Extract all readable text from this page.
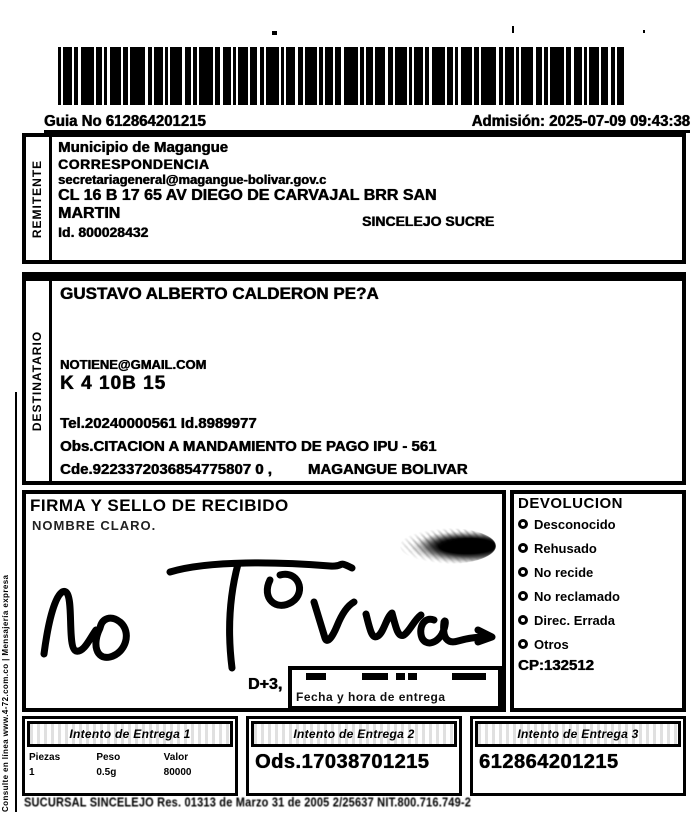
Guia No 612864201215	Admisión: 2025-07-09 09:43:38
REMITENTE
Municipio de Magangue
CORRESPONDENCIA
secretariageneral@magangue-bolivar.gov.c
CL 16 B 17 65 AV DIEGO DE CARVAJAL BRR SAN MARTIN	SINCELEJO SUCRE
Id. 800028432
DESTINATARIO
GUSTAVO ALBERTO CALDERON PE?A
NOTIENE@GMAIL.COM
K 4 10B 15
Tel.20240000561 Id.8989977
Obs.CITACION A MANDAMIENTO DE PAGO IPU - 561
Cde.9223372036854775807 0 , MAGANGUE BOLIVAR
FIRMA Y SELLO DE RECIBIDO
NOMBRE CLARO.
D+3,
Fecha y hora de entrega
DEVOLUCION
Desconocido
Rehusado
No recide
No reclamado
Direc. Errada
Otros
CP:132512
Intento de Entrega 1
Piezas
1
Peso
0.5g
Valor
80000
Intento de Entrega 2
Ods.17038701215
Intento de Entrega 3
612864201215
SUCURSAL SINCELEJO Res. 01313 de Marzo 31 de 2005 2/25637 NIT.800.716.749-2
Consulte en línea www.4-72.com.co | Mensajería expresa
